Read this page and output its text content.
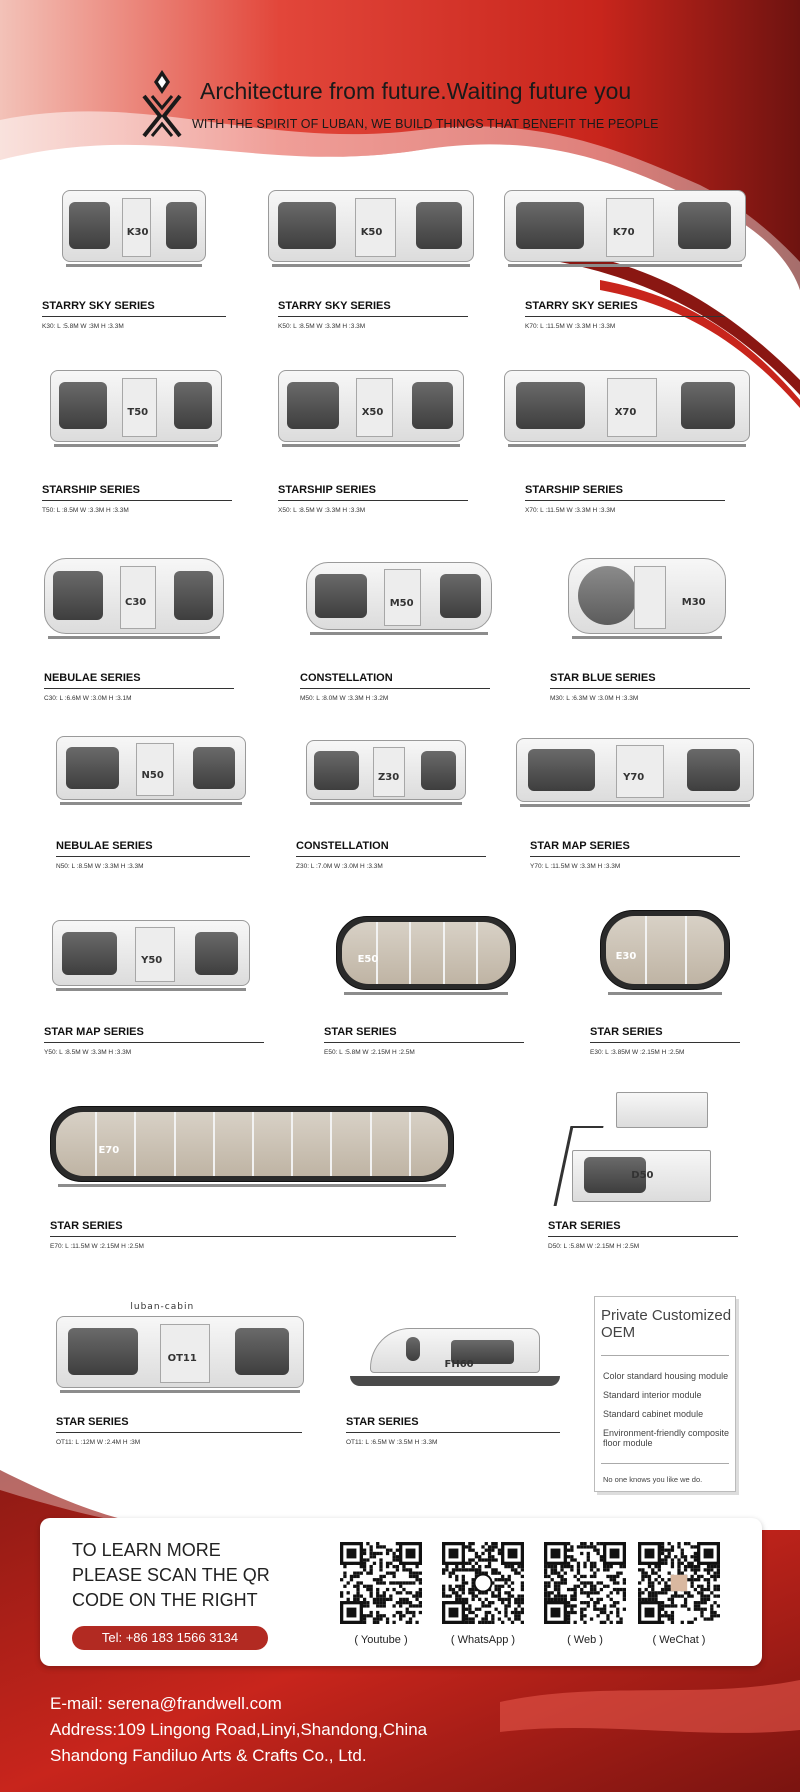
Architecture from future.Waiting future you
WITH THE SPIRIT OF LUBAN, WE BUILD THINGS THAT BENEFIT THE PEOPLE
K30
STARRY SKY SERIES
K30: L :5.8M W :3M H :3.3M
K50
STARRY SKY SERIES
K50: L :8.5M W :3.3M H :3.3M
K70
STARRY SKY SERIES
K70: L :11.5M W :3.3M H :3.3M
T50
STARSHIP SERIES
T50: L :8.5M W :3.3M H :3.3M
X50
STARSHIP SERIES
X50: L :8.5M W :3.3M H :3.3M
X70
STARSHIP SERIES
X70: L :11.5M W :3.3M H :3.3M
C30
NEBULAE SERIES
C30: L :6.6M W :3.0M H :3.1M
M50
CONSTELLATION
M50: L :8.0M W :3.3M H :3.2M
M30
STAR BLUE SERIES
M30: L :6.3M W :3.0M H :3.3M
N50
NEBULAE SERIES
N50: L :8.5M W :3.3M H :3.3M
Z30
CONSTELLATION
Z30: L :7.0M W :3.0M H :3.3M
Y70
STAR MAP SERIES
Y70: L :11.5M W :3.3M H :3.3M
Y50
STAR MAP SERIES
Y50: L :8.5M W :3.3M H :3.3M
E50
STAR SERIES
E50: L :5.8M W :2.15M H :2.5M
E30
STAR SERIES
E30: L :3.85M W :2.15M H :2.5M
E70
STAR SERIES
E70: L :11.5M W :2.15M H :2.5M
D50
STAR SERIES
D50: L :5.8M W :2.15M H :2.5M
OT11
luban-cabin
STAR SERIES
OT11: L :12M W :2.4M H :3M
FH60
STAR SERIES
OT11: L :6.5M W :3.5M H :3.3M
Private Customized OEM
Color standard housing module
Standard interior module
Standard cabinet module
Environment-friendly composite floor module
No one knows you like we do.
TO LEARN MORE
PLEASE SCAN THE QR
CODE ON THE RIGHT
Tel: +86 183 1566 3134	( Youtube )	( WhatsApp )	( Web )	( WeChat )
E-mail: serena@frandwell.com
Address:109 Lingong Road,Linyi,Shandong,China
Shandong Fandiluo Arts & Crafts Co., Ltd.
